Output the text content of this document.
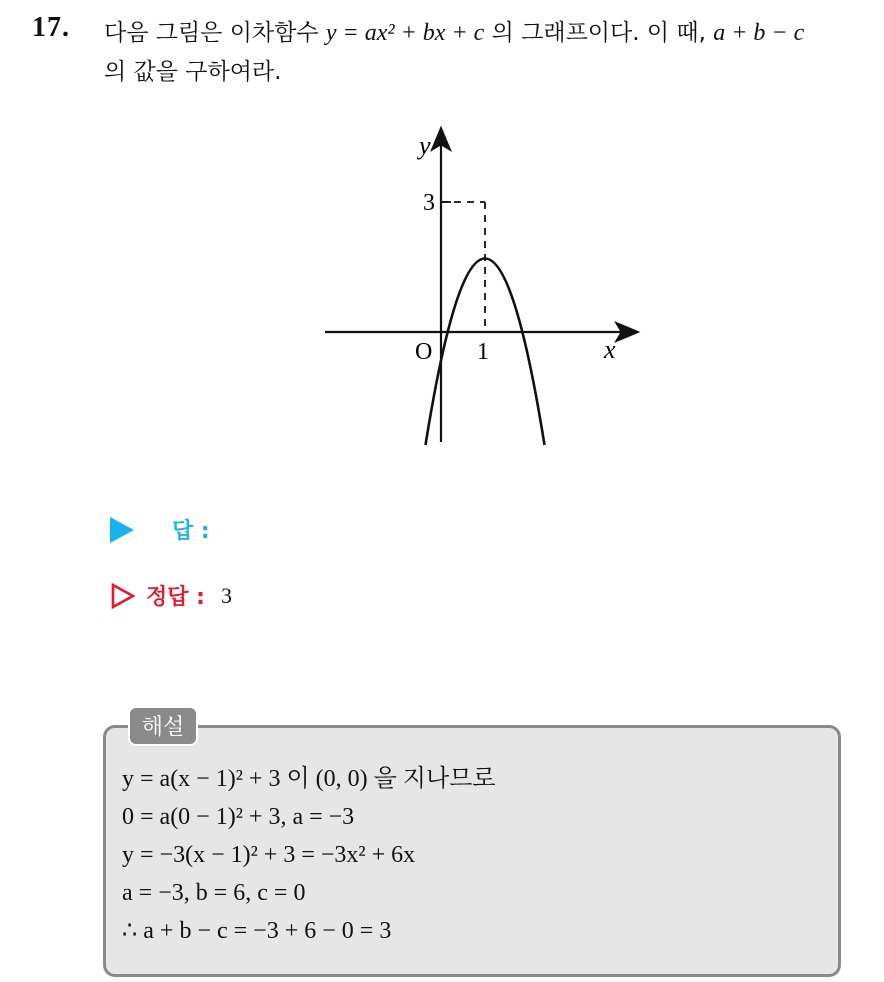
17. 다음 그림은 이차함수 y = ax² + bx + c 의 그래프이다. 이 때, a + b − c
의 값을 구하여라.
y
3
O 1	x
답 :
정답 : 3
해설
y = a(x − 1)² + 3 이 (0, 0) 을 지나므로
0 = a(0 − 1)² + 3, a = −3
y = −3(x − 1)² + 3 = −3x² + 6x
a = −3, b = 6, c = 0
∴ a + b − c = −3 + 6 − 0 = 3
